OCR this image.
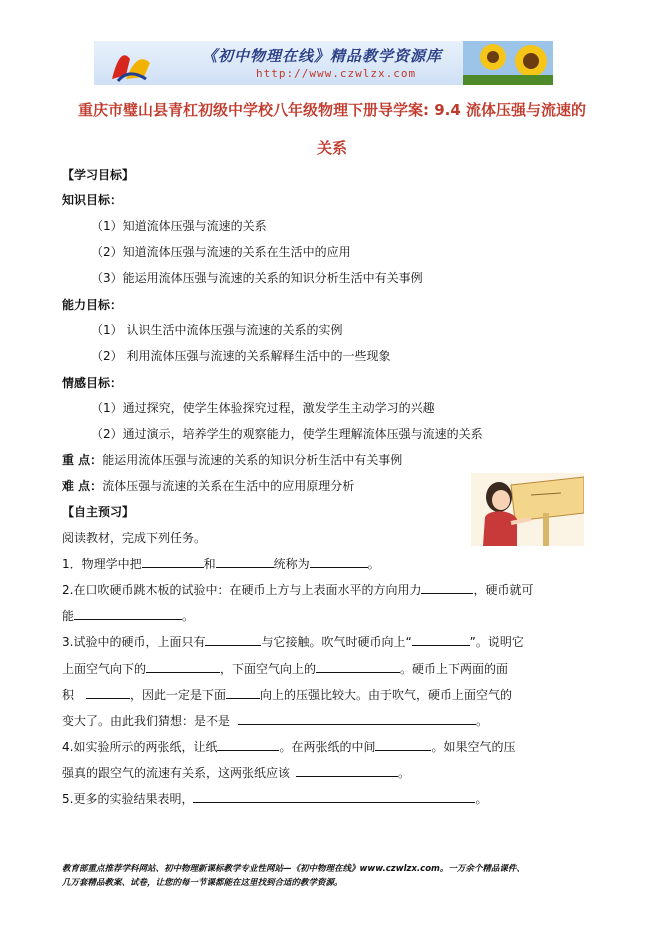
《初中物理在线》精品教学资源库
http://www.czwlzx.com
重庆市璧山县青杠初级中学校八年级物理下册导学案: 9.4 流体压强与流速的
关系
【学习目标】
知识目标：
（1）知道流体压强与流速的关系
（2）知道流体压强与流速的关系在生活中的应用
（3）能运用流体压强与流速的关系的知识分析生活中有关事例
能力目标：
（1） 认识生活中流体压强与流速的关系的实例
（2） 利用流体压强与流速的关系解释生活中的一些现象
情感目标：
（1）通过探究，使学生体验探究过程，激发学生主动学习的兴趣
（2）通过演示，培养学生的观察能力，使学生理解流体压强与流速的关系
重 点：能运用流体压强与流速的关系的知识分析生活中有关事例
难 点：流体压强与流速的关系在生活中的应用原理分析
【自主预习】
阅读教材，完成下列任务。
1．物理学中把	和	统称为	。
2.在口吹硬币跳木板的试验中：在硬币上方与上表面水平的方向用力	，硬币就可
能	。
3.试验中的硬币，上面只有	与它接触。吹气时硬币向上“	”。说明它
上面空气向下的	，下面空气向上的	。硬币上下两面的面
积	，因此一定是下面	向上的压强比较大。由于吹气，硬币上面空气的
变大了。由此我们猜想：是不是	。
4.如实验所示的两张纸，让纸	。在两张纸的中间	。如果空气的压
强真的跟空气的流速有关系，这两张纸应该	。
5.更多的实验结果表明，	。
教育部重点推荐学科网站、初中物理新课标教学专业性网站—《初中物理在线》www.czwlzx.com。一万余个精品课件、
几万套精品教案、试卷，让您的每一节课都能在这里找到合适的教学资源。
